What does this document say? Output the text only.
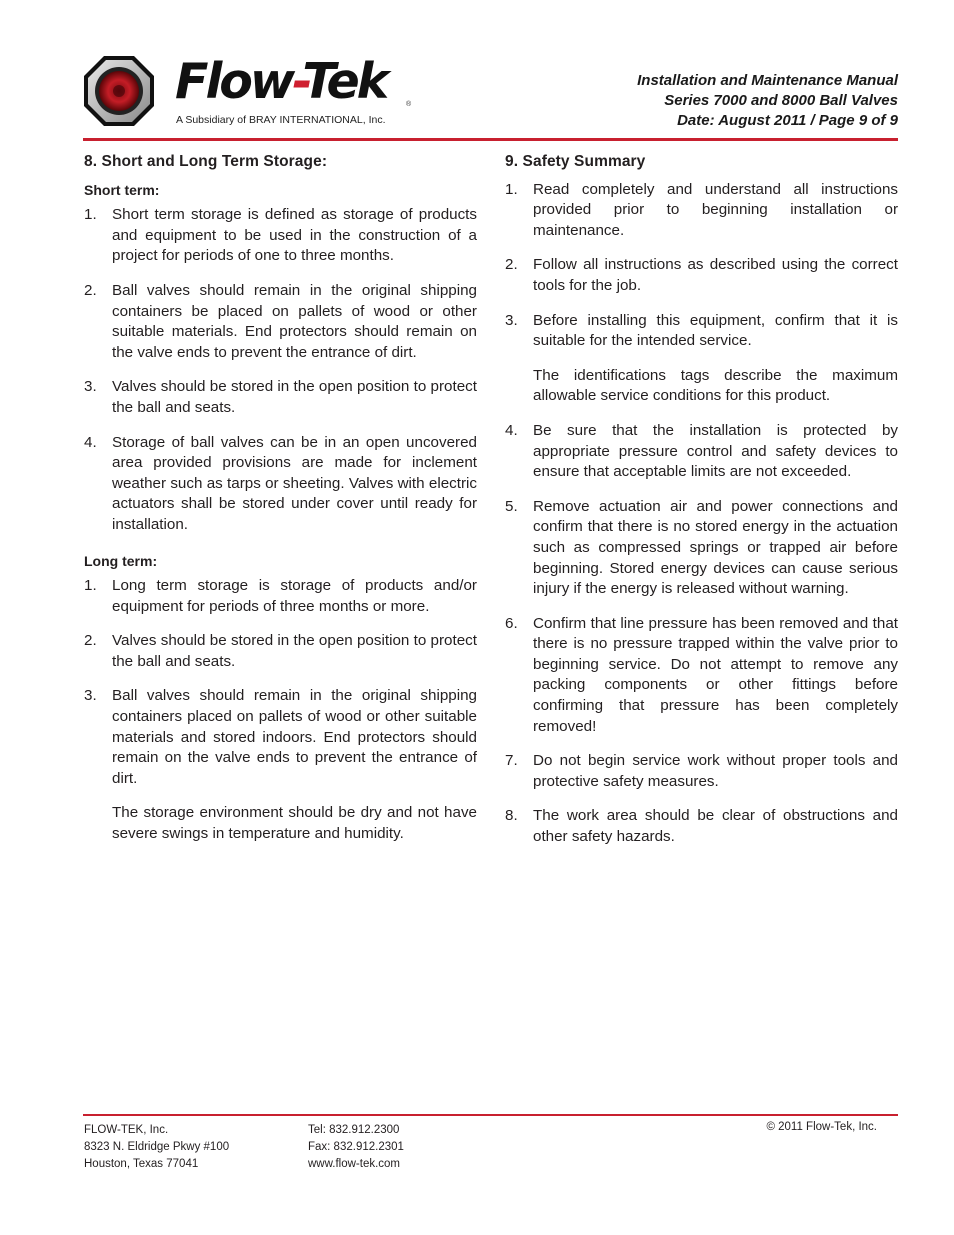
Flow-Tek	®
A Subsidiary of BRAY INTERNATIONAL, Inc.
Installation and Maintenance Manual
Series 7000 and 8000 Ball Valves
Date: August 2011 / Page 9 of 9
8. Short and Long Term Storage:
Short term:
1. Short term storage is defined as storage of products and equipment to be used in the construction of a project for periods of one to three months.

2. Ball valves should remain in the original shipping containers be placed on pallets of wood or other suitable materials. End protectors should remain on the valve ends to prevent the entrance of dirt.

3. Valves should be stored in the open position to protect the ball and seats.

4. Storage of ball valves can be in an open uncovered area provided provisions are made for inclement weather such as tarps or sheeting. Valves with electric actuators shall be stored under cover until ready for installation.

Long term:
1. Long term storage is storage of products and/or equipment for periods of three months or more.

2. Valves should be stored in the open position to protect the ball and seats.

3. Ball valves should remain in the original shipping containers placed on pallets of wood or other suitable materials and stored indoors. End protectors should remain on the valve ends to prevent the entrance of dirt.

The storage environment should be dry and not have severe swings in temperature and humidity.

9. Safety Summary
1. Read completely and understand all instructions provided prior to beginning installation or maintenance.

2. Follow all instructions as described using the correct tools for the job.

3. Before installing this equipment, confirm that it is suitable for the intended service.

The identifications tags describe the maximum allowable service conditions for this product.

4. Be sure that the installation is protected by appropriate pressure control and safety devices to ensure that acceptable limits are not exceeded.

5. Remove actuation air and power connections and confirm that there is no stored energy in the actuation such as compressed springs or trapped air before beginning. Stored energy devices can cause serious injury if the energy is released without warning.

6. Confirm that line pressure has been removed and that there is no pressure trapped within the valve prior to beginning service. Do not attempt to remove any packing components or other fittings before confirming that pressure has been completely removed!

7. Do not begin service work without proper tools and protective safety measures.

8. The work area should be clear of obstructions and other safety hazards.

FLOW-TEK, Inc.
8323 N. Eldridge Pkwy #100
Houston, Texas 77041
Tel: 832.912.2300
Fax: 832.912.2301
www.flow-tek.com
© 2011 Flow-Tek, Inc.
